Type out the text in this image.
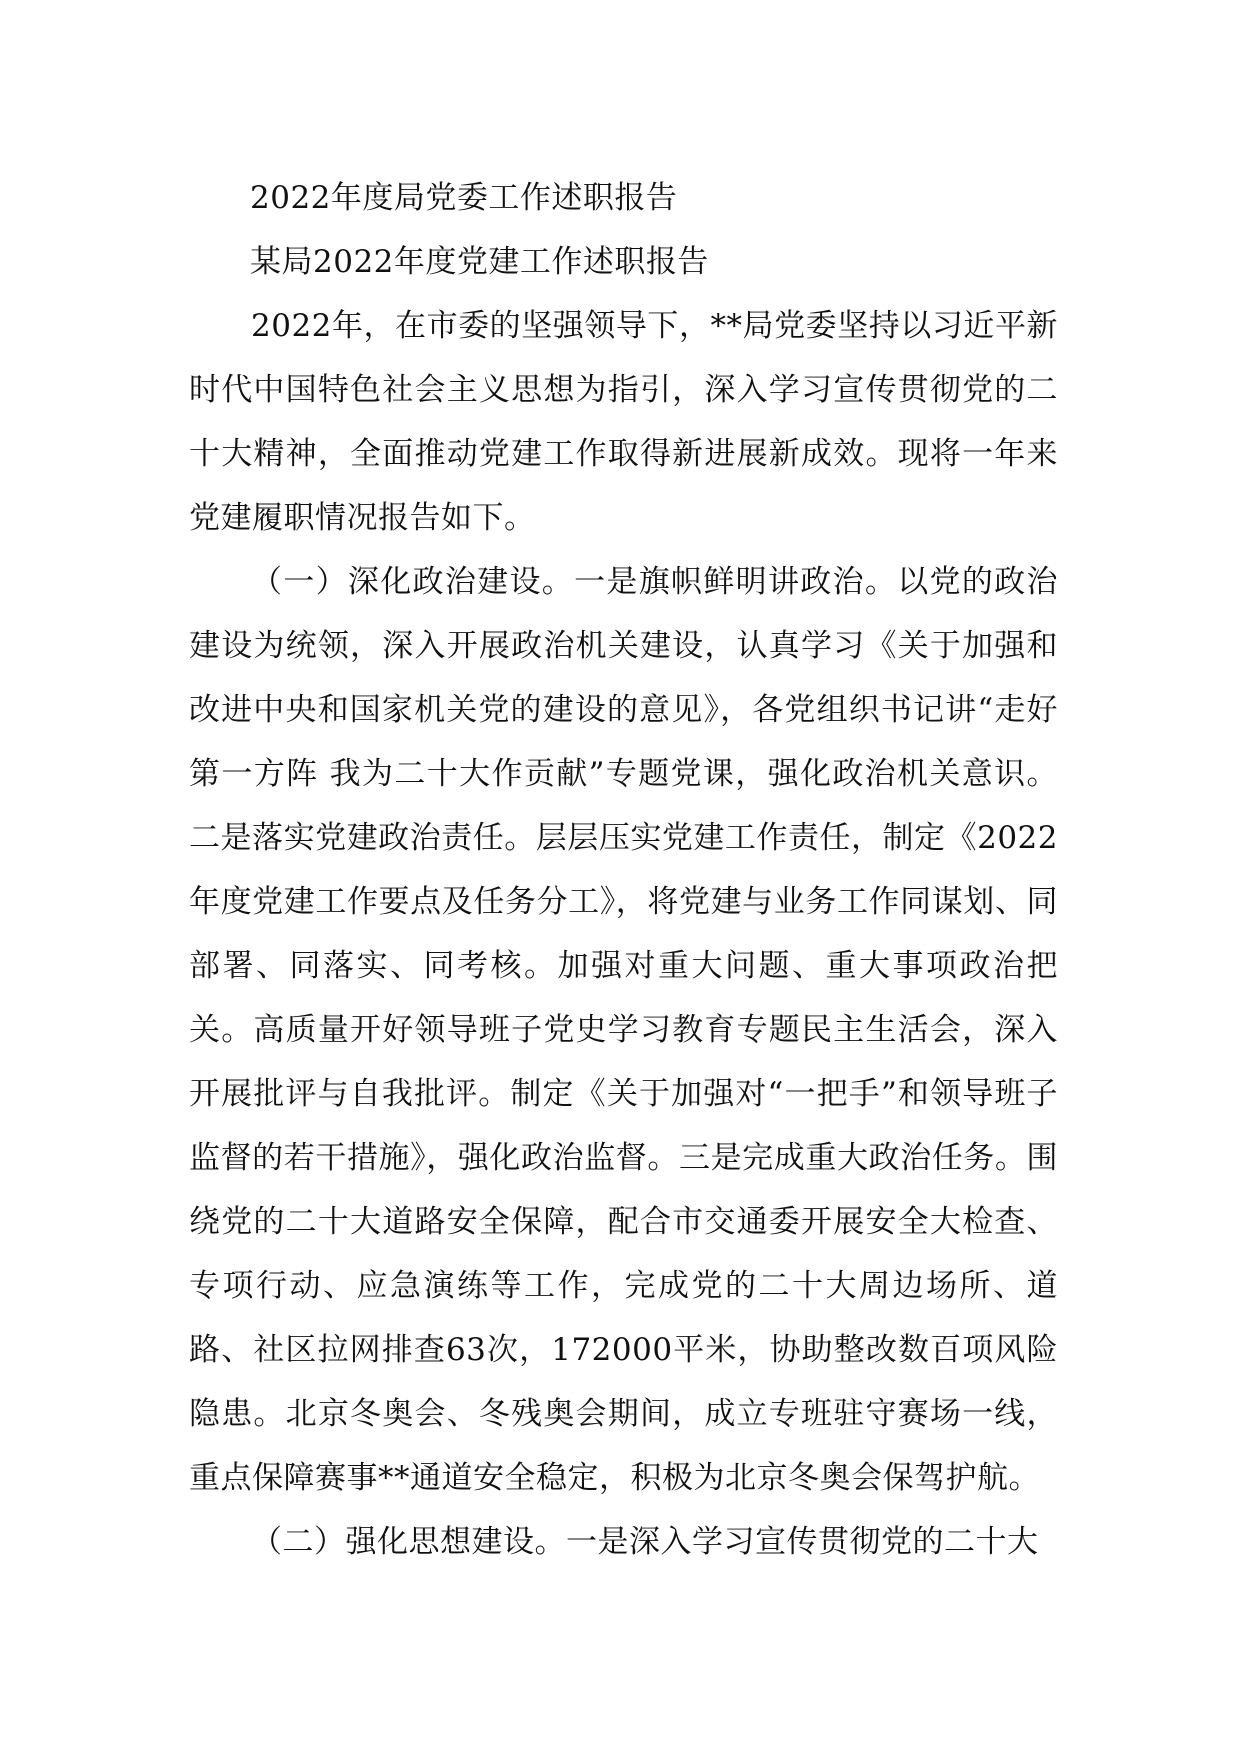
2022年度局党委工作述职报告
某局2022年度党建工作述职报告

2022年，在市委的坚强领导下，**局党委坚持以习近平新时代中国特色社会主义思想为指引，深入学习宣传贯彻党的二十大精神，全面推动党建工作取得新进展新成效。现将一年来党建履职情况报告如下。

（一）深化政治建设。一是旗帜鲜明讲政治。以党的政治建设为统领，深入开展政治机关建设，认真学习《关于加强和改进中央和国家机关党的建设的意见》，各党组织书记讲“走好第一方阵 我为二十大作贡献”专题党课，强化政治机关意识。二是落实党建政治责任。层层压实党建工作责任，制定《2022年度党建工作要点及任务分工》，将党建与业务工作同谋划、同部署、同落实、同考核。加强对重大问题、重大事项政治把关。高质量开好领导班子党史学习教育专题民主生活会，深入开展批评与自我批评。制定《关于加强对“一把手”和领导班子监督的若干措施》，强化政治监督。三是完成重大政治任务。围绕党的二十大道路安全保障，配合市交通委开展安全大检查、专项行动、应急演练等工作，完成党的二十大周边场所、道路、社区拉网排查63次，172000平米，协助整改数百项风险隐患。北京冬奥会、冬残奥会期间，成立专班驻守赛场一线，重点保障赛事**通道安全稳定，积极为北京冬奥会保驾护航。

（二）强化思想建设。一是深入学习宣传贯彻党的二十大
